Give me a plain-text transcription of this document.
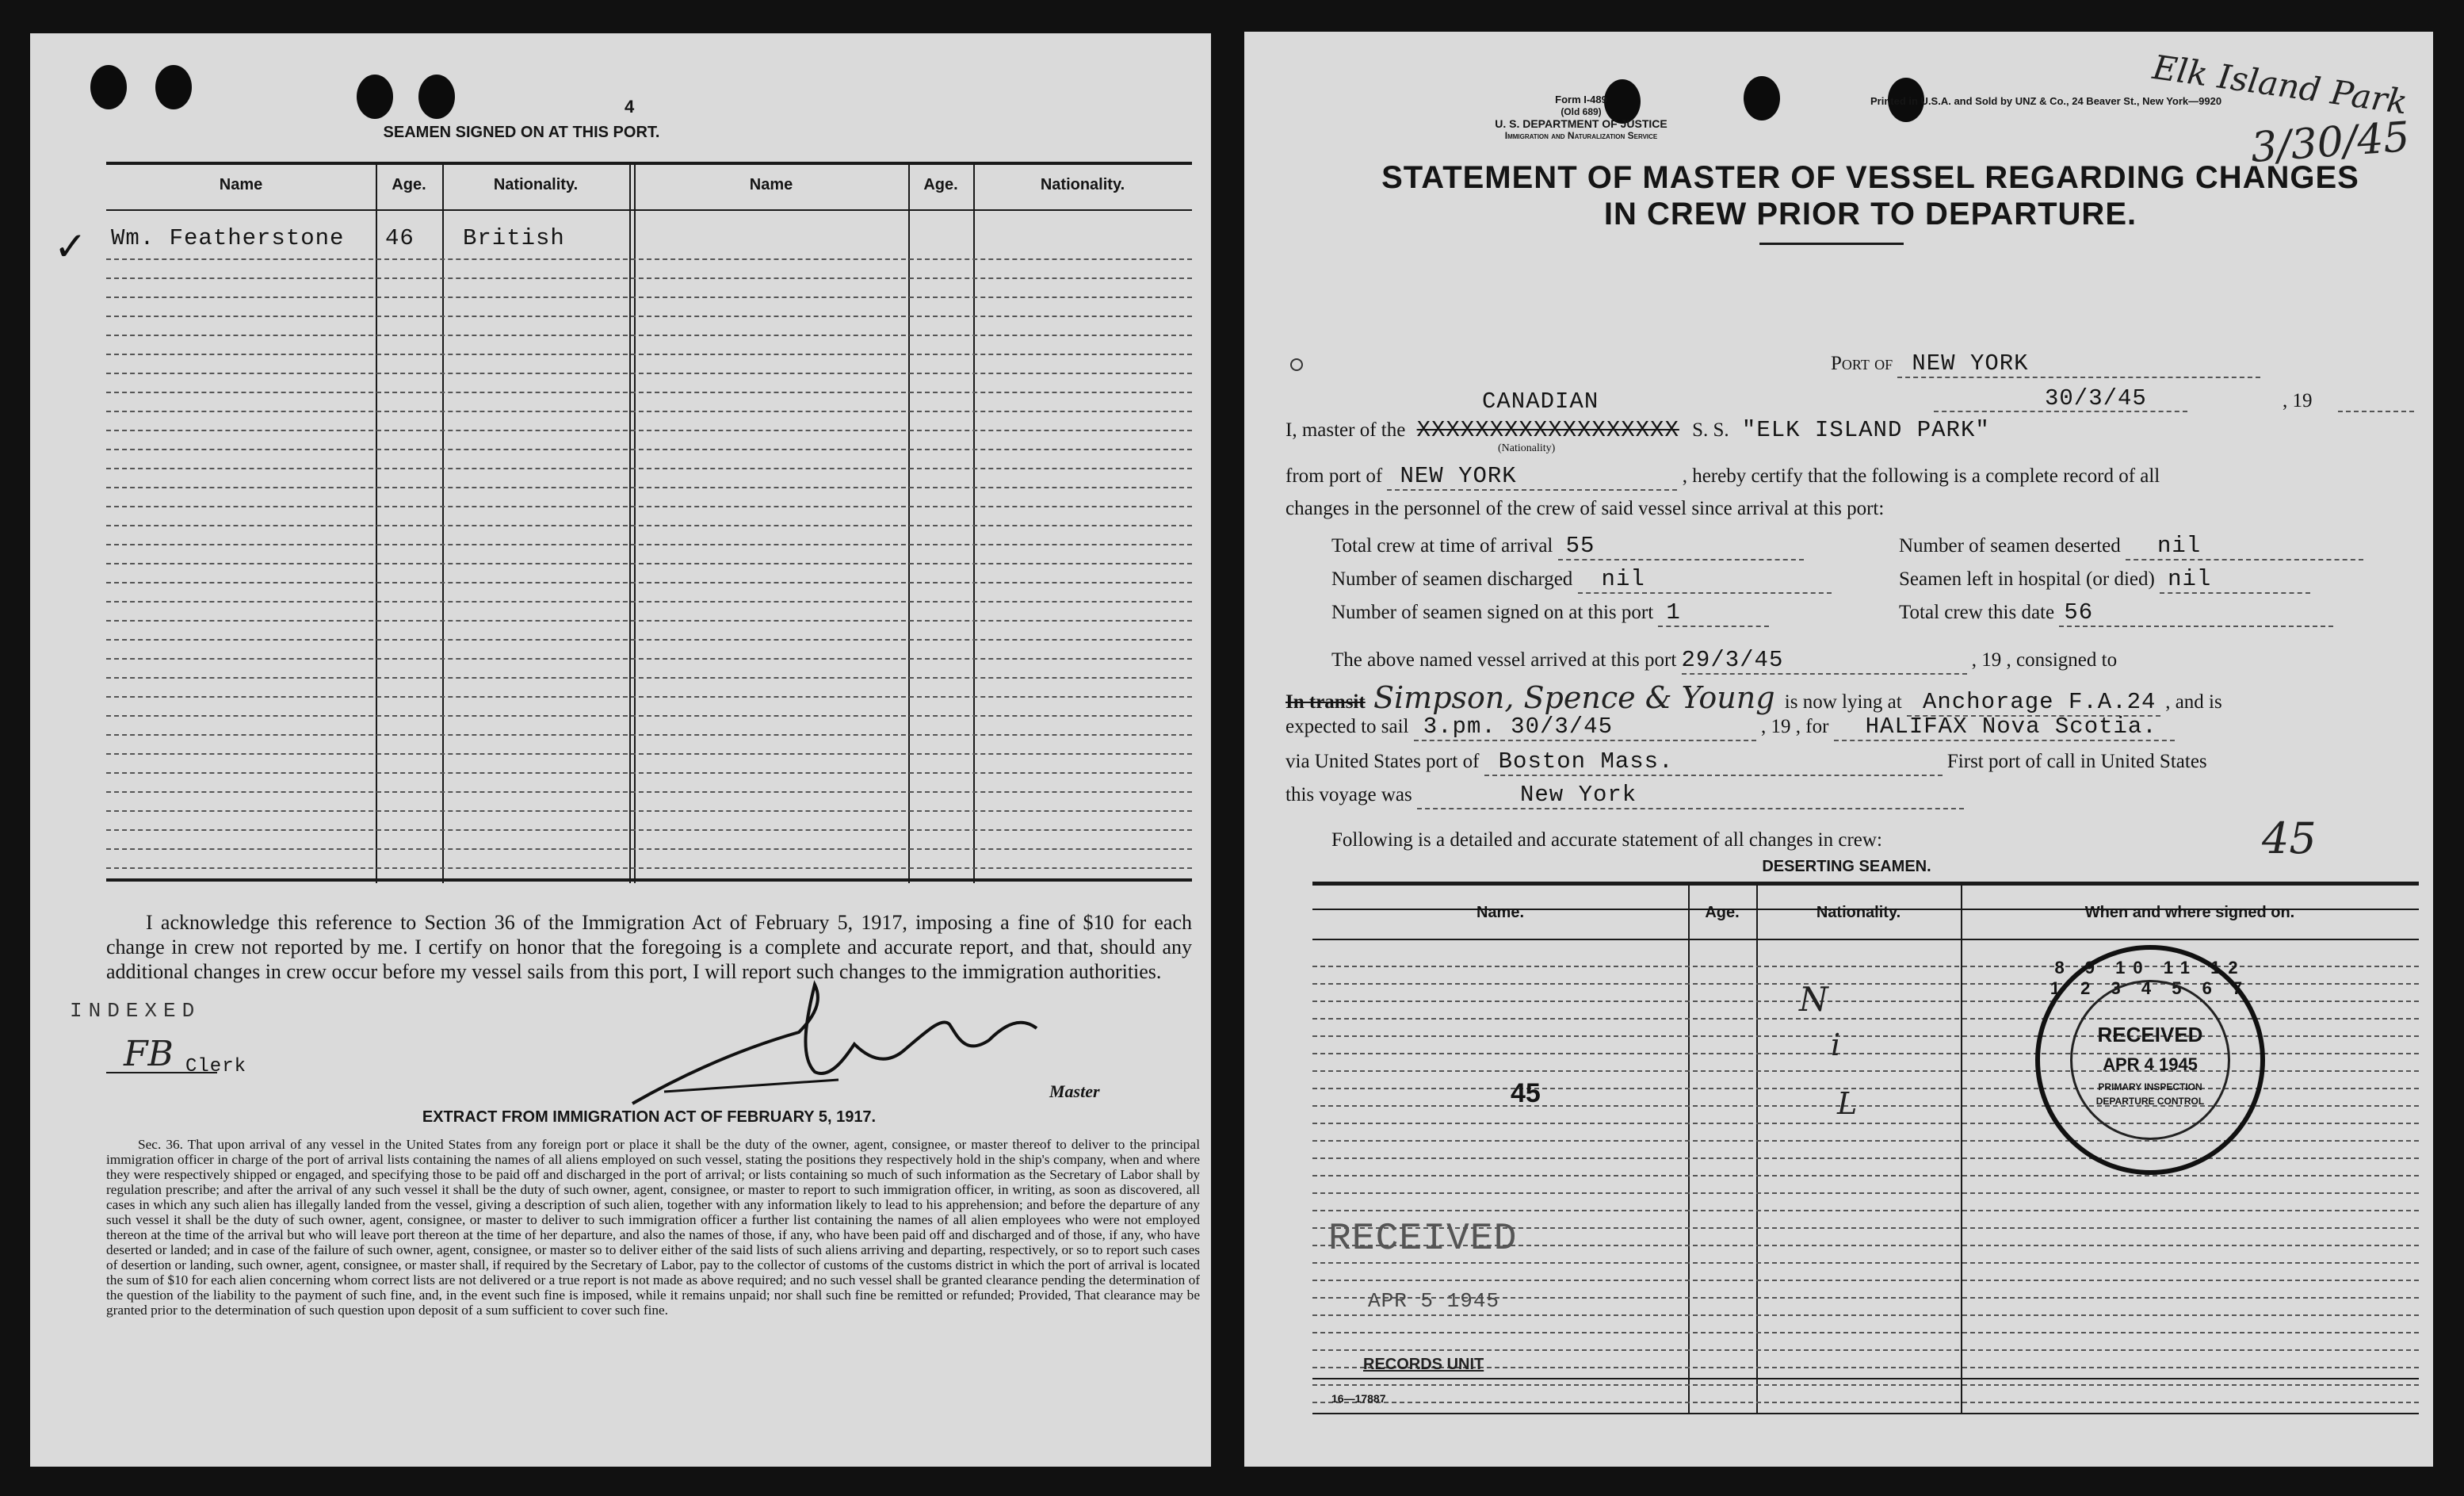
4
SEAMEN SIGNED ON AT THIS PORT.
Name	Age.	Nationality.	Name	Age.	Nationality.
✓ Wm. Featherstone 46 British
I acknowledge this reference to Section 36 of the Immigration Act of February 5, 1917, imposing a fine of $10 for each change in crew not reported by me. I certify on honor that the foregoing is a complete and accurate report, and that, should any additional changes in crew occur before my vessel sails from this port, I will report such changes to the immigration authorities.
INDEXED
FB Clerk
Master
EXTRACT FROM IMMIGRATION ACT OF FEBRUARY 5, 1917.
Sec. 36. That upon arrival of any vessel in the United States from any foreign port or place it shall be the duty of the owner, agent, consignee, or master thereof to deliver to the principal immigration officer in charge of the port of arrival lists containing the names of all aliens employed on such vessel, stating the positions they respectively hold in the ship's company, when and where they were respectively shipped or engaged, and specifying those to be paid off and discharged in the port of arrival; or lists containing so much of such information as the Secretary of Labor shall by regulation prescribe; and after the arrival of any such vessel it shall be the duty of such owner, agent, consignee, or master to report to such immigration officer, in writing, as soon as discovered, all cases in which any such alien has illegally landed from the vessel, giving a description of such alien, together with any information likely to lead to his apprehension; and before the departure of any such vessel it shall be the duty of such owner, agent, consignee, or master to deliver to such immigration officer a further list containing the names of all alien employees who were not employed thereon at the time of the arrival but who will leave port thereon at the time of her departure, and also the names of those, if any, who have been paid off and discharged and of those, if any, who have deserted or landed; and in case of the failure of such owner, agent, consignee, or master so to deliver either of the said lists of such aliens arriving and departing, respectively, or so to report such cases of desertion or landing, such owner, agent, consignee, or master shall, if required by the Secretary of Labor, pay to the collector of customs of the customs district in which the port of arrival is located the sum of $10 for each alien concerning whom correct lists are not delivered or a true report is not made as above required; and no such vessel shall be granted clearance pending the determination of the question of the liability to the payment of such fine, and, in the event such fine is imposed, while it remains unpaid; nor shall such fine be remitted or refunded; Provided, That clearance may be granted prior to the determination of such question upon deposit of a sum sufficient to cover such fine.
Form I-489
(Old 689)
U. S. DEPARTMENT OF JUSTICE
Immigration and Naturalization Service
Printed in U.S.A. and Sold by UNZ & Co., 24 Beaver St., New York—9920
Elk Island Park
3/30/45
STATEMENT OF MASTER OF VESSEL REGARDING CHANGES
IN CREW PRIOR TO DEPARTURE.
Port of NEW YORK
CANADIAN	30/3/45	, 19
I, master of the XXXXXXXXXXXXXXXXXX S. S. "ELK ISLAND PARK"
(Nationality)
from port of NEW YORK	, hereby certify that the following is a complete record of all
changes in the personnel of the crew of said vessel since arrival at this port:
Total crew at time of arrival 55
Number of seamen discharged nil
Number of seamen signed on at this port 1
Number of seamen deserted nil
Seamen left in hospital (or died) nil
Total crew this date 56
The above named vessel arrived at this port 29/3/45	, 19 , consigned to
In transit Simpson, Spence & Young is now lying at Anchorage F.A.24 , and is
expected to sail 3.pm. 30/3/45	, 19 , for HALIFAX Nova Scotia.
via United States port of Boston Mass.	First port of call in United States
this voyage was	New York
Following is a detailed and accurate statement of all changes in crew:	45
DESERTING SEAMEN.
Name.	Age.	Nationality.	When and where signed on.
N
i
L
45
RECEIVED
APR 5 1945
RECORDS UNIT
16—17887
8 9 10 11 12 1 2 3 4 5 6 7
RECEIVED
APR 4 1945
PRIMARY INSPECTION
DEPARTURE CONTROL
